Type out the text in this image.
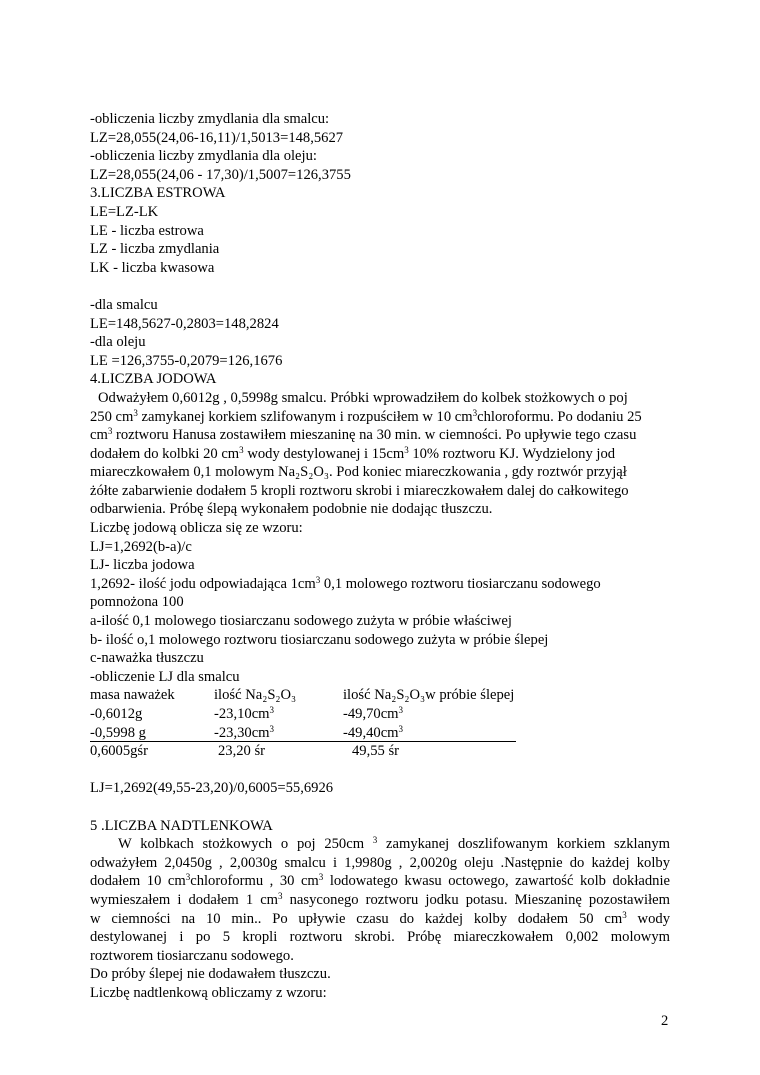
-obliczenia liczby zmydlania dla smalcu:
LZ=28,055(24,06-16,11)/1,5013=148,5627
-obliczenia liczby zmydlania dla oleju:
LZ=28,055(24,06 - 17,30)/1,5007=126,3755
3.LICZBA ESTROWA
LE=LZ-LK
LE - liczba estrowa
LZ - liczba zmydlania
LK - liczba kwasowa
-dla smalcu
LE=148,5627-0,2803=148,2824
-dla oleju
LE =126,3755-0,2079=126,1676
4.LICZBA JODOWA
Odważyłem 0,6012g , 0,5998g smalcu. Próbki wprowadziłem do kolbek stożkowych o poj
250 $cm^3$ zamykanej korkiem szlifowanym i rozpuściłem w 10 $cm^3chloroformu$. Po dodaniu 25
$cm^3$ roztworu Hanusa zostawiłem mieszaninę na 30 min. w ciemności. Po upływie tego czasu
dodałem do kolbki 20 $cm^3$ wody destylowanej i $15cm^3$ 10% roztworu KJ. Wydzielony jod
miareczkowałem 0,1 molowym Na₂S₂O₃. Pod koniec miareczkowania , gdy roztwór przyjął
żółte zabarwienie dodałem 5 kropli roztworu skrobi i miareczkowałem dalej do całkowitego
odbarwienia. Próbę ślepą wykonałem podobnie nie dodając tłuszczu.
Liczbę jodową oblicza się ze wzoru:
LJ=1,2692(b-a)/c
LJ- liczba jodowa
1,2692- ilość jodu odpowiadająca $1cm^3$ 0,1 molowego roztworu tiosiarczanu sodowego
pomnożona 100
a-ilość 0,1 molowego tiosiarczanu sodowego zużyta w próbie właściwej
b- ilość o,1 molowego roztworu tiosiarczanu sodowego zużyta w próbie ślepej
c-naważka tłuszczu
-obliczenie LJ dla smalcu
masa naważek	ilość Na₂S₂O₃	ilość Na₂S₂O₃w próbie ślepej
-0,6012g	$-23,10cm^3$	$-49,70cm^3$
-0,5998 g	$-23,30cm^3$	$-49,40cm^3$
0,6005gśr	23,20 śr	49,55 śr
LJ=1,2692(49,55-23,20)/0,6005=55,6926
5 .LICZBA NADTLENKOWA
W kolbkach stożkowych o poj 250cm $^3$ zamykanej doszlifowanym korkiem szklanym
odważyłem 2,0450g , 2,0030g smalcu i 1,9980g , 2,0020g oleju .Następnie do każdej kolby
dodałem 10 $cm^3chloroformu$ , 30 $cm^3$ lodowatego kwasu octowego, zawartość kolb dokładnie
wymieszałem i dodałem 1 $cm^3$ nasyconego roztworu jodku potasu. Mieszaninę pozostawiłem
w ciemności na 10 min.. Po upływie czasu do każdej kolby dodałem 50 $cm^3$ wody
destylowanej i po 5 kropli roztworu skrobi. Próbę miareczkowałem 0,002 molowym
roztworem tiosiarczanu sodowego.
Do próby ślepej nie dodawałem tłuszczu.
Liczbę nadtlenkową obliczamy z wzoru:
2
